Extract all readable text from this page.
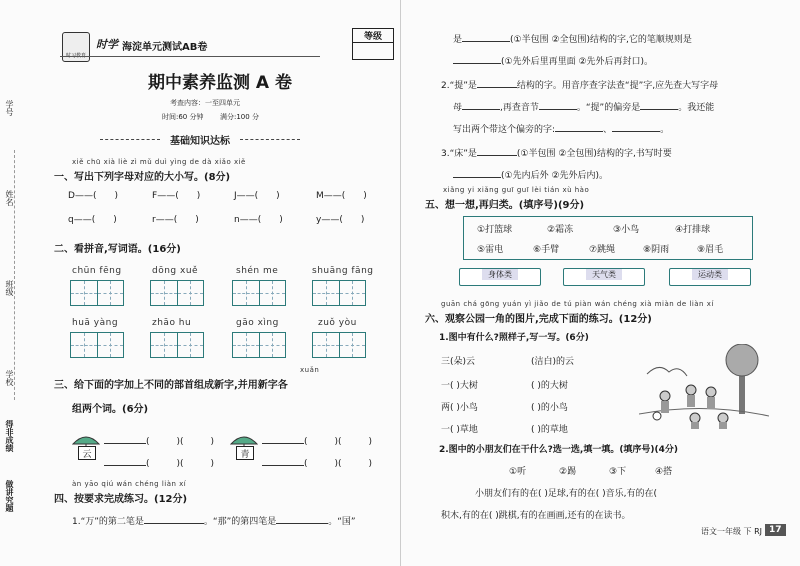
学号
姓名
班级
学校
得非成绩
做讲究题
时习教育
时学 海淀单元测试AB卷
等级
期中素养监测 A 卷
考查内容：一至四单元
时间:60 分钟 满分:100 分
基础知识达标
xiě chū xià liè zì mǔ duì yìng de dà xiǎo xiě
一、写出下列字母对应的大小写。(8分)
D——(　　)	F——(　　)	J——(　　)	M——(　　)
q——(　　)	r——(　　)	n——(　　)	y——(　　)
二、看拼音,写词语。(16分)
chūn fēng	dōng xuě	shén me	shuāng fāng
huā yàng	zhāo hu	gāo xìng	zuǒ yòu
xuǎn
三、给下面的字加上不同的部首组成新字,并用新字各
组两个词。(6分)
云
(　　　)(　　　)
(　　　)(　　　)
青
(　　　)(　　　)
(　　　)(　　　)
àn yāo qiú wán chéng liàn xí
四、按要求完成练习。(12分)
1.“万”的第二笔是	。“那”的第四笔是	。“国”
是	(①半包围 ②全包围)结构的字,它的笔顺规则是
(①先外后里再里面 ②先外后再封口)。
2.“提”是	结构的字。用音序查字法查“提”字,应先查大写字母
母	,再查音节	。“提”的偏旁是	。我还能
写出两个带这个偏旁的字:	、	。
3.“床”是	(①半包围 ②全包围)结构的字,书写时要
(①先内后外 ②先外后内)。
xiǎng yi xiǎng guī guī lèi tián xù hào
五、想一想,再归类。(填序号)(9分)
①打篮球	②霜冻	③小鸟	④打排球
⑤雷电	⑥手臂	⑦跳绳	⑧阴雨	⑨眉毛
身体类	天气类	运动类
guān chá gōng yuán yì jiǎo de tú piàn wán chéng xià miàn de liàn xí
六、观察公园一角的图片,完成下面的练习。(12分)
1.图中有什么?照样子,写一写。(6分)
三(朵)云	(洁白)的云
一( )大树	( )的大树
两( )小鸟	( )的小鸟
一( )草地	( )的草地
2.图中的小朋友们在干什么?选一选,填一填。(填序号)(4分)
①听	②踢	③下	④搭
小朋友们有的在( )足球,有的在( )音乐,有的在(
积木,有的在( )跳棋,有的在画画,还有的在读书。
语文一年级 下 RJ 17
